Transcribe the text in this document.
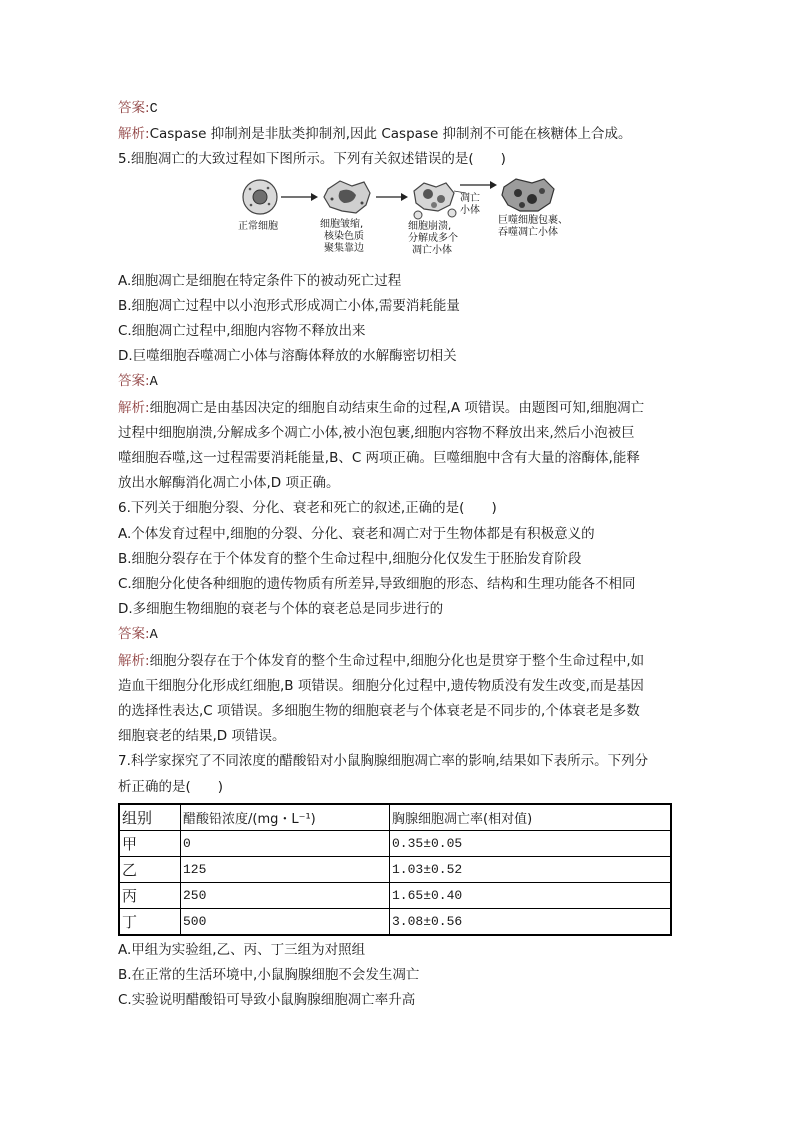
答案:C
解析:Caspase 抑制剂是非肽类抑制剂,因此 Caspase 抑制剂不可能在核糖体上合成。
5.细胞凋亡的大致过程如下图所示。下列有关叙述错误的是(　　)
正常细胞	细胞皱缩,
核染色质
聚集靠边
细胞崩溃,
分解成多个
凋亡小体
凋亡
小体
巨噬细胞包裹、
吞噬凋亡小体
A.细胞凋亡是细胞在特定条件下的被动死亡过程
B.细胞凋亡过程中以小泡形式形成凋亡小体,需要消耗能量
C.细胞凋亡过程中,细胞内容物不释放出来
D.巨噬细胞吞噬凋亡小体与溶酶体释放的水解酶密切相关
答案:A
解析:细胞凋亡是由基因决定的细胞自动结束生命的过程,A 项错误。由题图可知,细胞凋亡
过程中细胞崩溃,分解成多个凋亡小体,被小泡包裹,细胞内容物不释放出来,然后小泡被巨
噬细胞吞噬,这一过程需要消耗能量,B、C 两项正确。巨噬细胞中含有大量的溶酶体,能释
放出水解酶消化凋亡小体,D 项正确。
6.下列关于细胞分裂、分化、衰老和死亡的叙述,正确的是(　　)
A.个体发育过程中,细胞的分裂、分化、衰老和凋亡对于生物体都是有积极意义的
B.细胞分裂存在于个体发育的整个生命过程中,细胞分化仅发生于胚胎发育阶段
C.细胞分化使各种细胞的遗传物质有所差异,导致细胞的形态、结构和生理功能各不相同
D.多细胞生物细胞的衰老与个体的衰老总是同步进行的
答案:A
解析:细胞分裂存在于个体发育的整个生命过程中,细胞分化也是贯穿于整个生命过程中,如
造血干细胞分化形成红细胞,B 项错误。细胞分化过程中,遗传物质没有发生改变,而是基因
的选择性表达,C 项错误。多细胞生物的细胞衰老与个体衰老是不同步的,个体衰老是多数
细胞衰老的结果,D 项错误。
7.科学家探究了不同浓度的醋酸铅对小鼠胸腺细胞凋亡率的影响,结果如下表所示。下列分
析正确的是(　　)
组别	醋酸铅浓度/(mg・L⁻¹)	胸腺细胞凋亡率(相对值)
甲	0	0.35±0.05
乙	125	1.03±0.52
丙	250	1.65±0.40
丁	500	3.08±0.56
A.甲组为实验组,乙、丙、丁三组为对照组
B.在正常的生活环境中,小鼠胸腺细胞不会发生凋亡
C.实验说明醋酸铅可导致小鼠胸腺细胞凋亡率升高
